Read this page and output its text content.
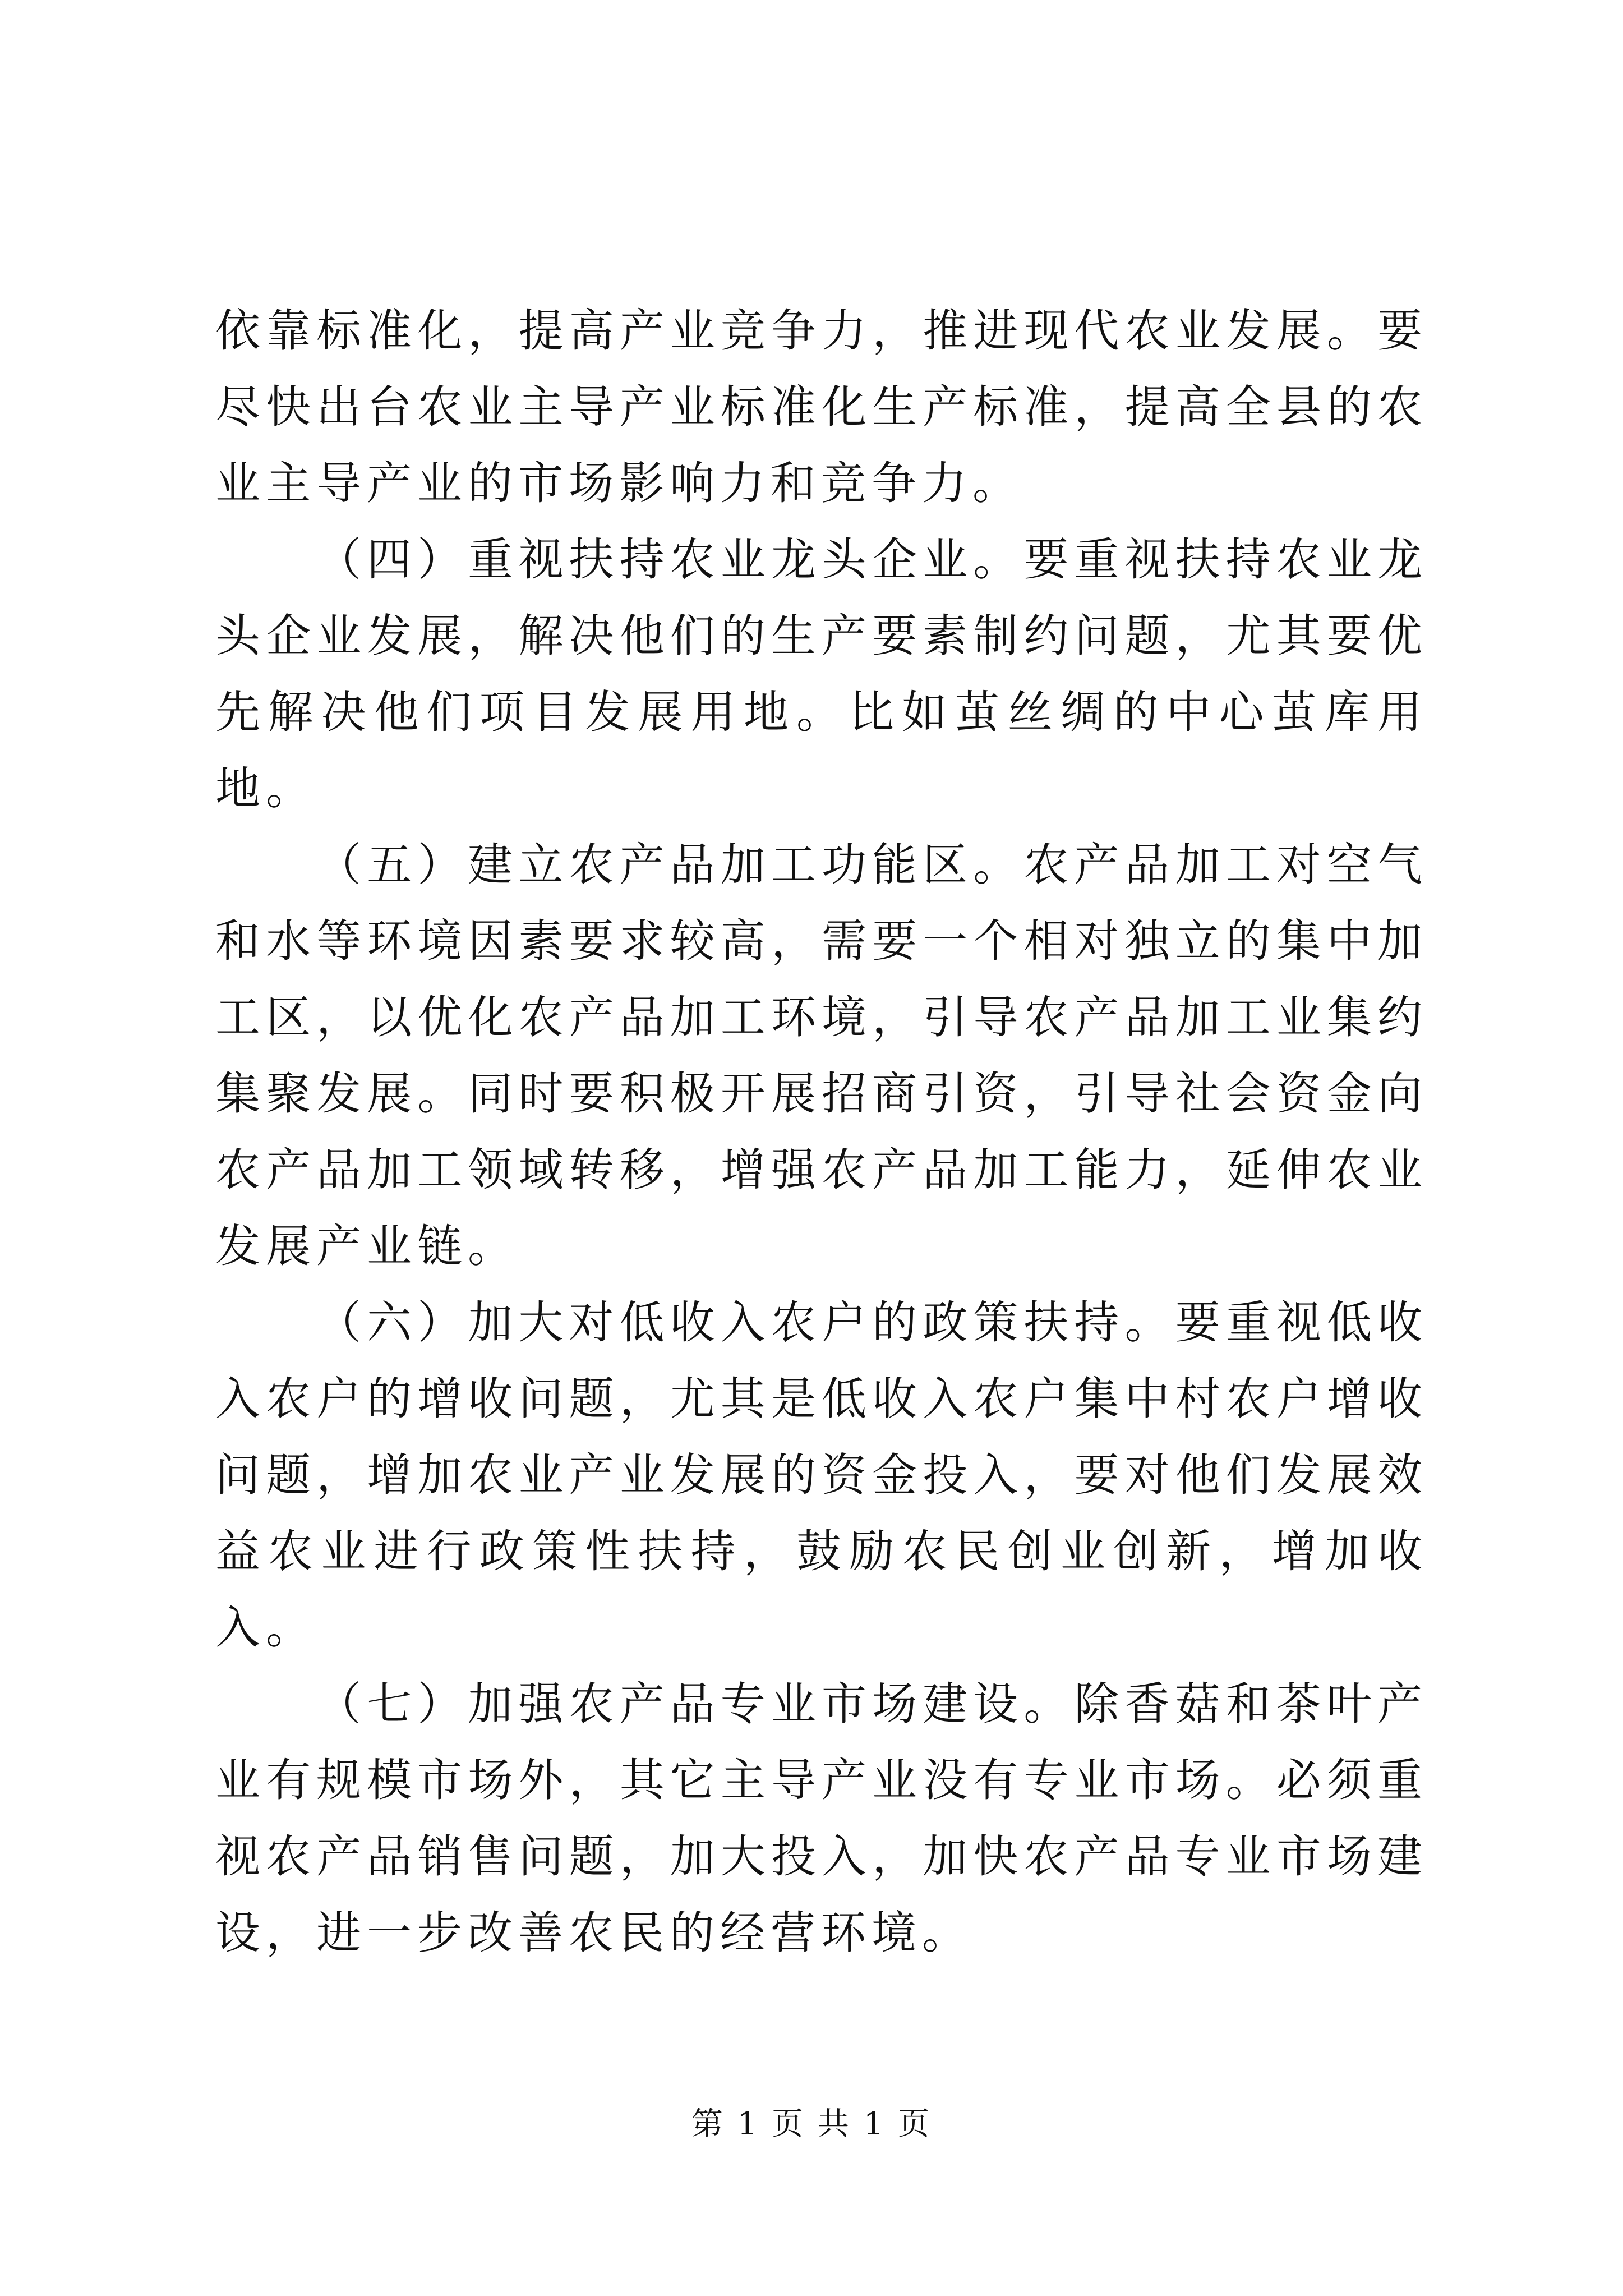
依靠标准化，提高产业竞争力，推进现代农业发展。要尽快出台农业主导产业标准化生产标准，提高全县的农业主导产业的市场影响力和竞争力。

（四）重视扶持农业龙头企业。要重视扶持农业龙头企业发展，解决他们的生产要素制约问题，尤其要优先解决他们项目发展用地。比如茧丝绸的中心茧库用地。

（五）建立农产品加工功能区。农产品加工对空气和水等环境因素要求较高，需要一个相对独立的集中加工区，以优化农产品加工环境，引导农产品加工业集约集聚发展。同时要积极开展招商引资，引导社会资金向农产品加工领域转移，增强农产品加工能力，延伸农业发展产业链。

（六）加大对低收入农户的政策扶持。要重视低收入农户的增收问题，尤其是低收入农户集中村农户增收问题，增加农业产业发展的资金投入，要对他们发展效益农业进行政策性扶持，鼓励农民创业创新，增加收入。

（七）加强农产品专业市场建设。除香菇和茶叶产业有规模市场外，其它主导产业没有专业市场。必须重视农产品销售问题，加大投入，加快农产品专业市场建设，进一步改善农民的经营环境。

第 1 页 共 1 页
